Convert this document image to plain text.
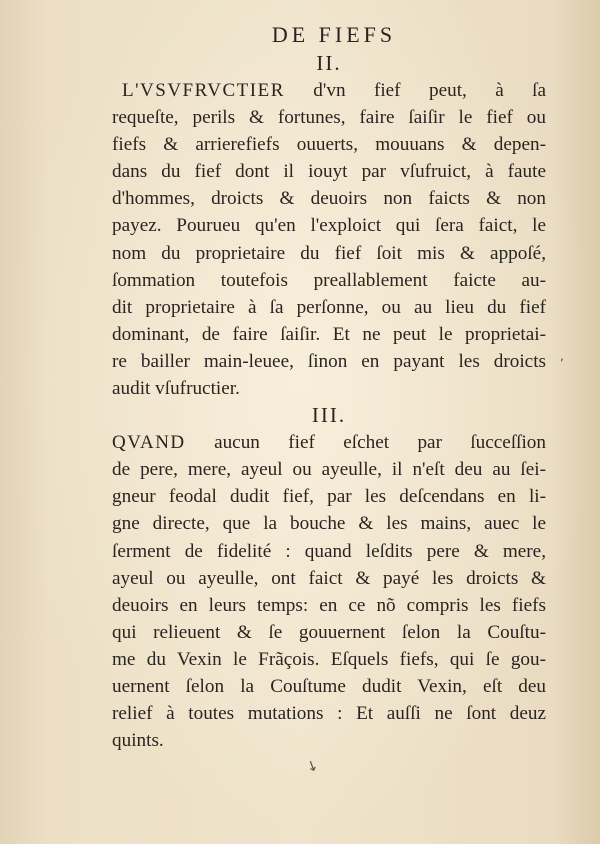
DE FIEFS
II.
L'VSVFRVCTIER d'vn fief peut, à ſa
requeſte, perils & fortunes, faire ſaiſir le fief ou
fiefs & arrierefiefs ouuerts, mouuans & depen-
dans du fief dont il iouyt par vſufruict, à faute
d'hommes, droicts & deuoirs non faicts & non
payez. Pourueu qu'en l'exploict qui ſera faict, le
nom du proprietaire du fief ſoit mis & appoſé,
ſommation toutefois preallablement faicte au-
dit proprietaire à ſa perſonne, ou au lieu du fief
dominant, de faire ſaiſir. Et ne peut le proprietai-
re bailler main-leuee, ſinon en payant les droicts
audit vſufructier.
III.
QVAND aucun fief eſchet par ſucceſſion
de pere, mere, ayeul ou ayeulle, il n'eſt deu au ſei-
gneur feodal dudit fief, par les deſcendans en li-
gne directe, que la bouche & les mains, auec le
ſerment de fidelité : quand leſdits pere & mere,
ayeul ou ayeulle, ont faict & payé les droicts &
deuoirs en leurs temps: en ce nõ compris les fiefs
qui relieuent & ſe gouuernent ſelon la Couſtu-
me du Vexin le Frãçois. Eſquels fiefs, qui ſe gou-
uernent ſelon la Couſtume dudit Vexin, eſt deu
relief à toutes mutations : Et auſſi ne ſont deuz
quints.
,
↘
